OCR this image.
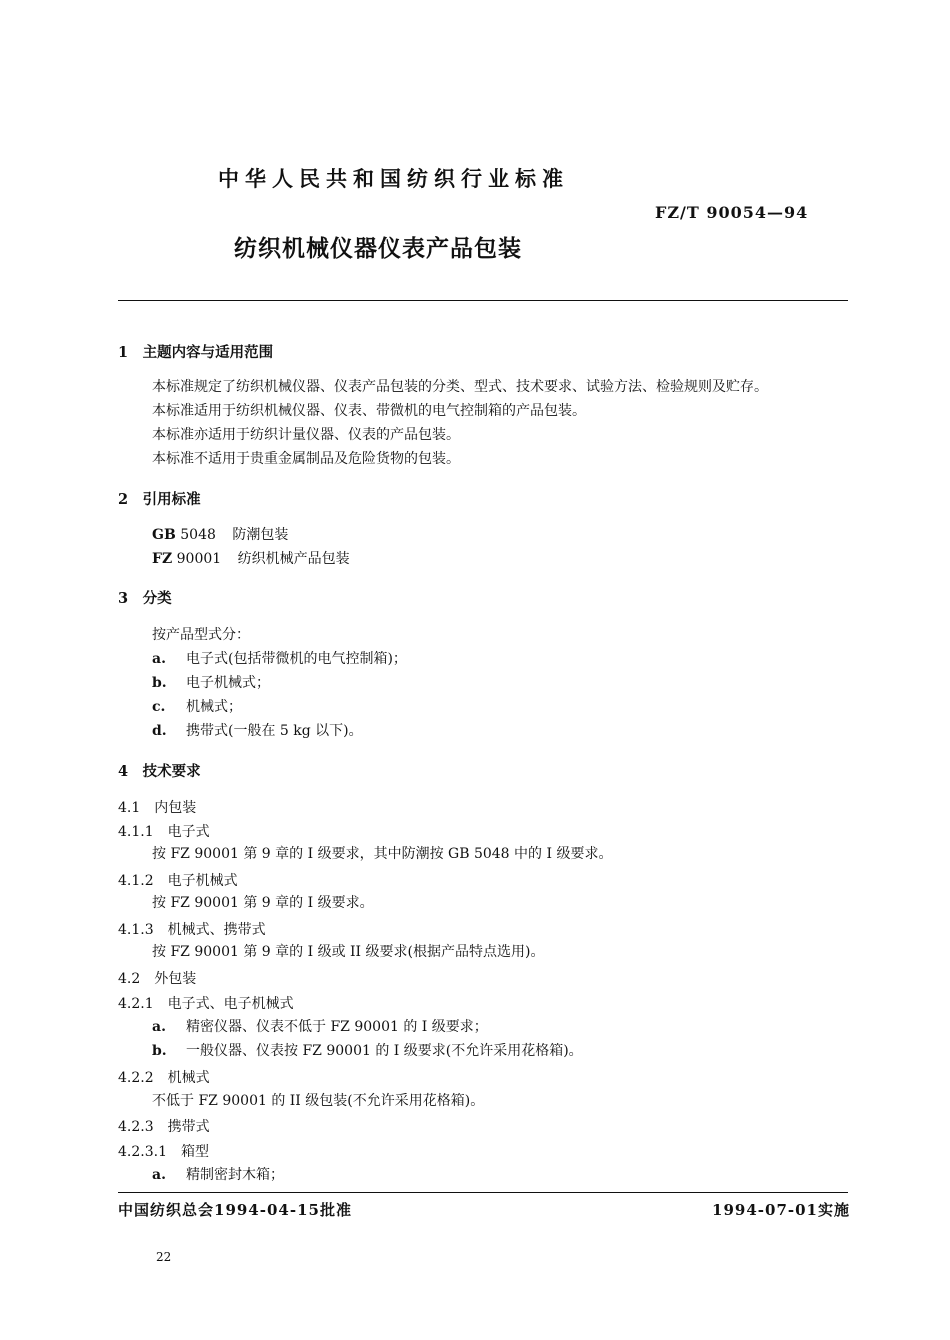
中华人民共和国纺织行业标准
FZ/T 90054—94
纺织机械仪器仪表产品包装
1　主题内容与适用范围
本标准规定了纺织机械仪器、仪表产品包装的分类、型式、技术要求、试验方法、检验规则及贮存。
本标准适用于纺织机械仪器、仪表、带微机的电气控制箱的产品包装。
本标准亦适用于纺织计量仪器、仪表的产品包装。
本标准不适用于贵重金属制品及危险货物的包装。
2　引用标准
GB 5048 防潮包装
FZ 90001 纺织机械产品包装
3　分类
按产品型式分：
a. 电子式(包括带微机的电气控制箱)；
b. 电子机械式；
c. 机械式；
d. 携带式(一般在 5 kg 以下)。
4　技术要求
4.1　内包装
4.1.1　电子式
按 FZ 90001 第 9 章的 I 级要求，其中防潮按 GB 5048 中的 I 级要求。
4.1.2　电子机械式
按 FZ 90001 第 9 章的 I 级要求。
4.1.3　机械式、携带式
按 FZ 90001 第 9 章的 I 级或 II 级要求(根据产品特点选用)。
4.2　外包装
4.2.1　电子式、电子机械式
a. 精密仪器、仪表不低于 FZ 90001 的 I 级要求；
b. 一般仪器、仪表按 FZ 90001 的 I 级要求(不允许采用花格箱)。
4.2.2　机械式
不低于 FZ 90001 的 II 级包装(不允许采用花格箱)。
4.2.3　携带式
4.2.3.1　箱型
a. 精制密封木箱；
中国纺织总会1994-04-15批准	1994-07-01实施
22
